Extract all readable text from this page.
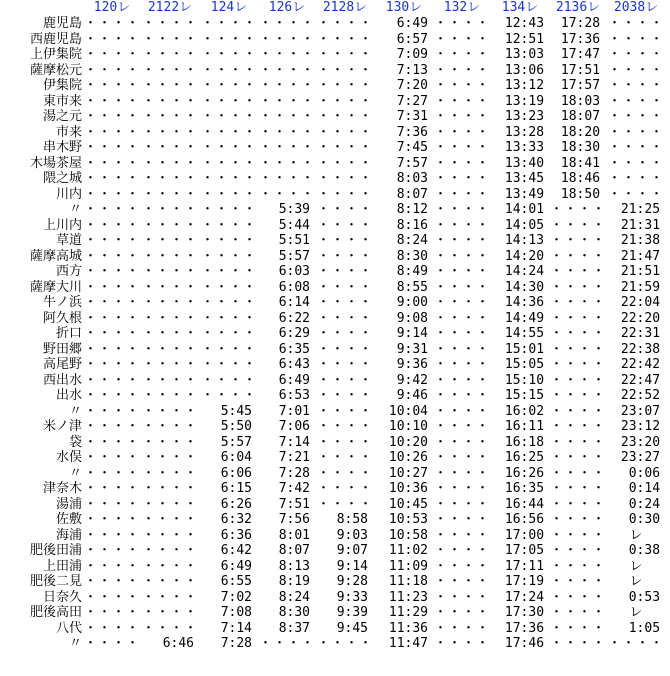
	120レ	2122レ	124レ	126レ	2128レ	130レ	132レ	134レ	2136レ	2038レ
鹿児島	・・・・	・・・・	・・・・	・・・・	・・・・	6:49	・・・・	12:43	17:28	・・・・
西鹿児島	・・・・	・・・・	・・・・	・・・・	・・・・	6:57	・・・・	12:51	17:36	・・・・
上伊集院	・・・・	・・・・	・・・・	・・・・	・・・・	7:09	・・・・	13:03	17:47	・・・・
薩摩松元	・・・・	・・・・	・・・・	・・・・	・・・・	7:13	・・・・	13:06	17:51	・・・・
伊集院	・・・・	・・・・	・・・・	・・・・	・・・・	7:20	・・・・	13:12	17:57	・・・・
東市来	・・・・	・・・・	・・・・	・・・・	・・・・	7:27	・・・・	13:19	18:03	・・・・
湯之元	・・・・	・・・・	・・・・	・・・・	・・・・	7:31	・・・・	13:23	18:07	・・・・
市来	・・・・	・・・・	・・・・	・・・・	・・・・	7:36	・・・・	13:28	18:20	・・・・
串木野	・・・・	・・・・	・・・・	・・・・	・・・・	7:45	・・・・	13:33	18:30	・・・・
木場茶屋	・・・・	・・・・	・・・・	・・・・	・・・・	7:57	・・・・	13:40	18:41	・・・・
隈之城	・・・・	・・・・	・・・・	・・・・	・・・・	8:03	・・・・	13:45	18:46	・・・・
川内	・・・・	・・・・	・・・・	・・・・	・・・・	8:07	・・・・	13:49	18:50	・・・・
〃	・・・・	・・・・	・・・・	5:39	・・・・	8:12	・・・・	14:01	・・・・	21:25
上川内	・・・・	・・・・	・・・・	5:44	・・・・	8:16	・・・・	14:05	・・・・	21:31
草道	・・・・	・・・・	・・・・	5:51	・・・・	8:24	・・・・	14:13	・・・・	21:38
薩摩高城	・・・・	・・・・	・・・・	5:57	・・・・	8:30	・・・・	14:20	・・・・	21:47
西方	・・・・	・・・・	・・・・	6:03	・・・・	8:49	・・・・	14:24	・・・・	21:51
薩摩大川	・・・・	・・・・	・・・・	6:08	・・・・	8:55	・・・・	14:30	・・・・	21:59
牛ノ浜	・・・・	・・・・	・・・・	6:14	・・・・	9:00	・・・・	14:36	・・・・	22:04
阿久根	・・・・	・・・・	・・・・	6:22	・・・・	9:08	・・・・	14:49	・・・・	22:20
折口	・・・・	・・・・	・・・・	6:29	・・・・	9:14	・・・・	14:55	・・・・	22:31
野田郷	・・・・	・・・・	・・・・	6:35	・・・・	9:31	・・・・	15:01	・・・・	22:38
高尾野	・・・・	・・・・	・・・・	6:43	・・・・	9:36	・・・・	15:05	・・・・	22:42
西出水	・・・・	・・・・	・・・・	6:49	・・・・	9:42	・・・・	15:10	・・・・	22:47
出水	・・・・	・・・・	・・・・	6:53	・・・・	9:46	・・・・	15:15	・・・・	22:52
〃	・・・・	・・・・	5:45	7:01	・・・・	10:04	・・・・	16:02	・・・・	23:07
米ノ津	・・・・	・・・・	5:50	7:06	・・・・	10:10	・・・・	16:11	・・・・	23:12
袋	・・・・	・・・・	5:57	7:14	・・・・	10:20	・・・・	16:18	・・・・	23:20
水俣	・・・・	・・・・	6:04	7:21	・・・・	10:26	・・・・	16:25	・・・・	23:27
〃	・・・・	・・・・	6:06	7:28	・・・・	10:27	・・・・	16:26	・・・・	0:06
津奈木	・・・・	・・・・	6:15	7:42	・・・・	10:36	・・・・	16:35	・・・・	0:14
湯浦	・・・・	・・・・	6:26	7:51	・・・・	10:45	・・・・	16:44	・・・・	0:24
佐敷	・・・・	・・・・	6:32	7:56	8:58	10:53	・・・・	16:56	・・・・	0:30
海浦	・・・・	・・・・	6:36	8:01	9:03	10:58	・・・・	17:00	・・・・	レ
肥後田浦	・・・・	・・・・	6:42	8:07	9:07	11:02	・・・・	17:05	・・・・	0:38
上田浦	・・・・	・・・・	6:49	8:13	9:14	11:09	・・・・	17:11	・・・・	レ
肥後二見	・・・・	・・・・	6:55	8:19	9:28	11:18	・・・・	17:19	・・・・	レ
日奈久	・・・・	・・・・	7:02	8:24	9:33	11:23	・・・・	17:24	・・・・	0:53
肥後高田	・・・・	・・・・	7:08	8:30	9:39	11:29	・・・・	17:30	・・・・	レ
八代	・・・・	・・・・	7:14	8:37	9:45	11:36	・・・・	17:36	・・・・	1:05
〃	・・・・	6:46	7:28	・・・・	・・・・	11:47	・・・・	17:46	・・・・	・・・・
